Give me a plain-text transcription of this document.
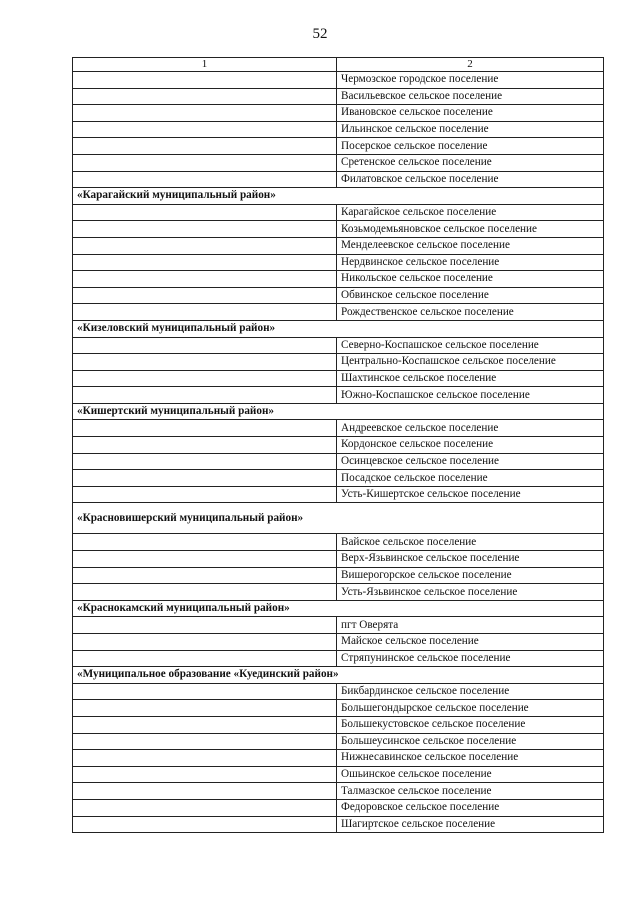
52
1	2
	Чермозское городское поселение
	Васильевское сельское поселение
	Ивановское сельское поселение
	Ильинское сельское поселение
	Посерское сельское поселение
	Сретенское сельское поселение
	Филатовское сельское поселение
«Карагайский муниципальный район»	
	Карагайское сельское поселение
	Козьмодемьяновское сельское поселение
	Менделеевское сельское поселение
	Нердвинское сельское поселение
	Никольское сельское поселение
	Обвинское сельское поселение
	Рождественское сельское поселение
«Кизеловский муниципальный район»	
	Северно-Коспашское сельское поселение
	Центрально-Коспашское сельское поселение
	Шахтинское сельское поселение
	Южно-Коспашское сельское поселение
«Кишертский муниципальный район»	
	Андреевское сельское поселение
	Кордонское сельское поселение
	Осинцевское сельское поселение
	Посадское сельское поселение
	Усть-Кишертское сельское поселение
«Красновишерский муниципальный район»	
	Вайское сельское поселение
	Верх-Язьвинское сельское поселение
	Вишерогорское сельское поселение
	Усть-Язьвинское сельское поселение
«Краснокамский муниципальный район»	
	пгт Оверята
	Майское сельское поселение
	Стряпунинское сельское поселение
«Муниципальное образование «Куединский район»	
	Бикбардинское сельское поселение
	Большегондырское сельское поселение
	Большекустовское сельское поселение
	Большеусинское сельское поселение
	Нижнесавинское сельское поселение
	Ошьинское сельское поселение
	Талмазское сельское поселение
	Федоровское сельское поселение
	Шагиртское сельское поселение
